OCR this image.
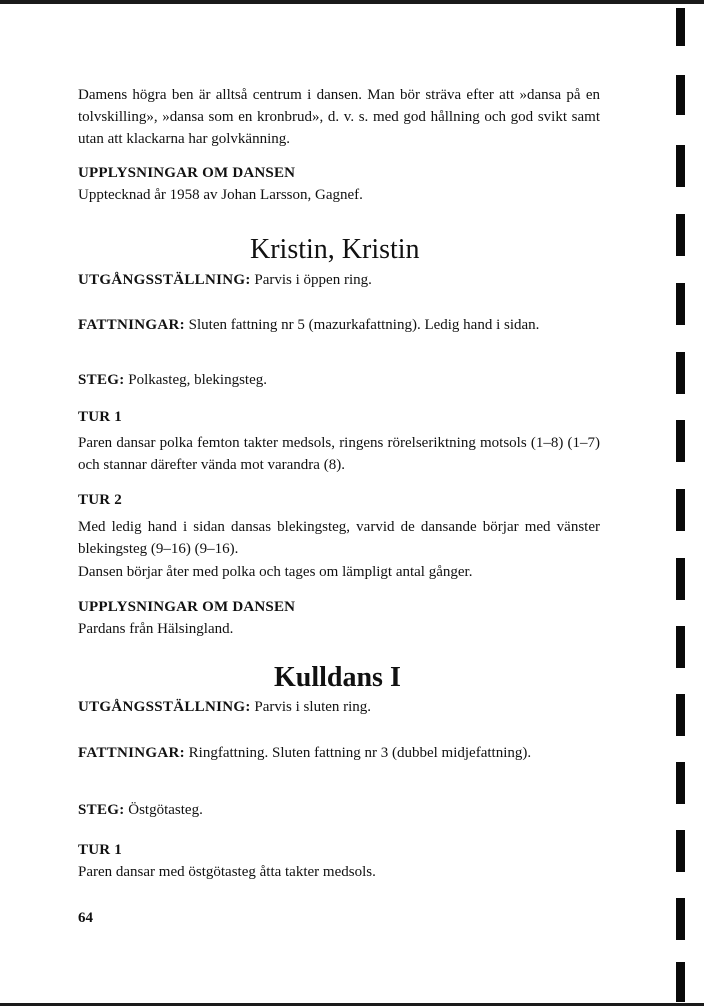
Damens högra ben är alltså centrum i dansen. Man bör sträva efter att »dansa på en tolvskilling», »dansa som en kronbrud», d. v. s. med god hållning och god svikt samt utan att klackarna har golvkänning.

UPPLYSNINGAR OM DANSEN

Upptecknad år 1958 av Johan Larsson, Gagnef.

Kristin, Kristin

UTGÅNGSSTÄLLNING: Parvis i öppen ring.

FATTNINGAR: Sluten fattning nr 5 (mazurkafattning). Ledig hand i sidan.

STEG: Polkasteg, blekingsteg.

TUR 1

Paren dansar polka femton takter medsols, ringens rörelseriktning motsols (1–8) (1–7) och stannar därefter vända mot varandra (8).

TUR 2

Med ledig hand i sidan dansas blekingsteg, varvid de dansande börjar med vänster blekingsteg (9–16) (9–16).

Dansen börjar åter med polka och tages om lämpligt antal gånger.

UPPLYSNINGAR OM DANSEN

Pardans från Hälsingland.

Kulldans I

UTGÅNGSSTÄLLNING: Parvis i sluten ring.

FATTNINGAR: Ringfattning. Sluten fattning nr 3 (dubbel midjefattning).

STEG: Östgötasteg.

TUR 1

Paren dansar med östgötasteg åtta takter medsols.

64
